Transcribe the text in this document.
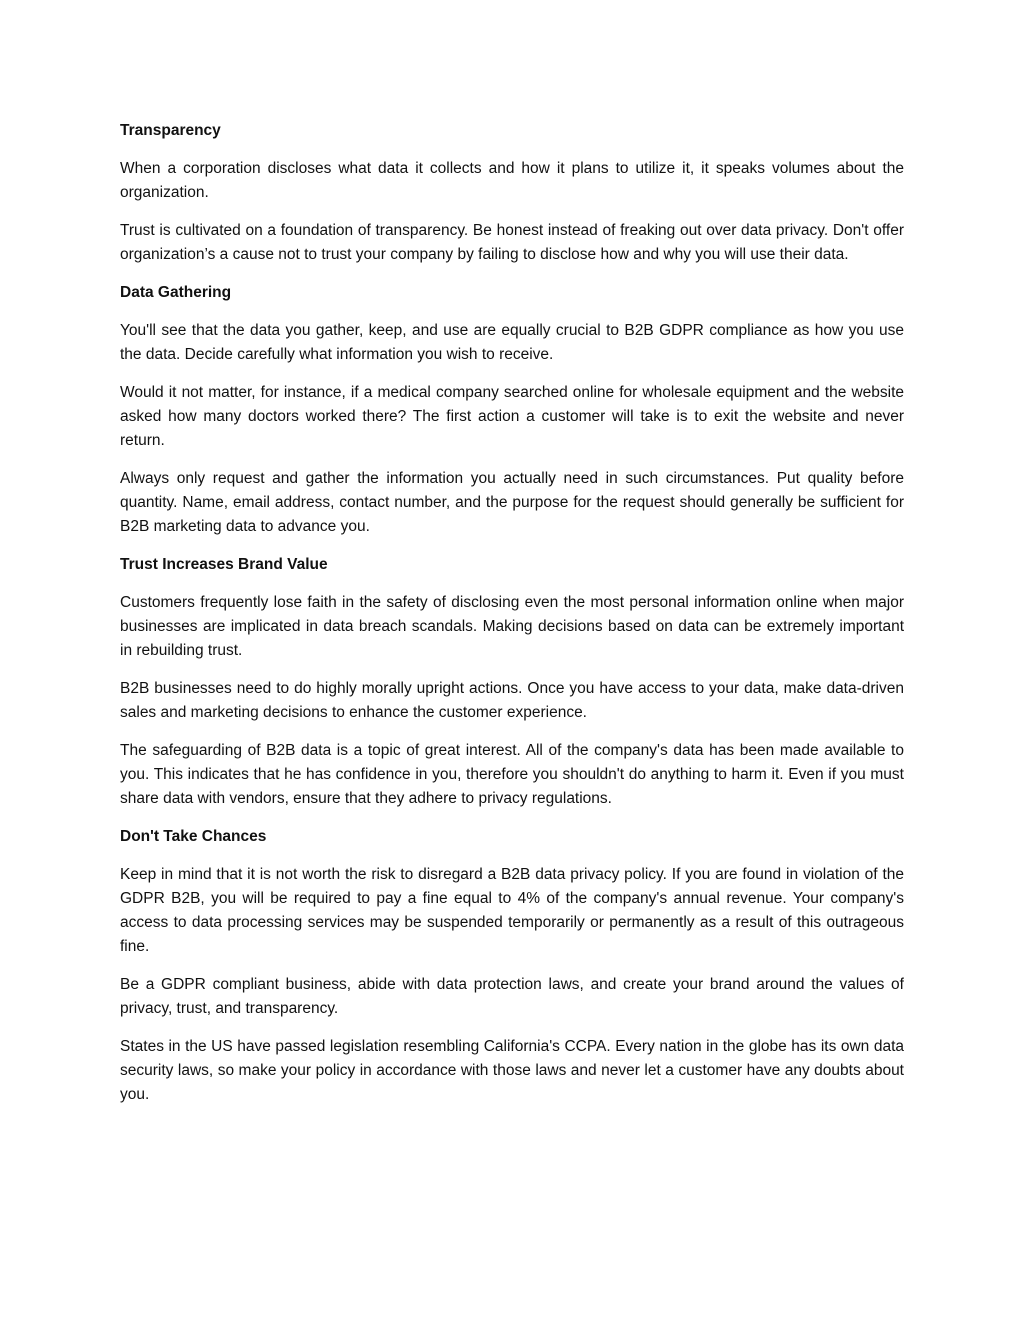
Transparency

When a corporation discloses what data it collects and how it plans to utilize it, it speaks volumes about the organization.

Trust is cultivated on a foundation of transparency. Be honest instead of freaking out over data privacy. Don't offer organization’s a cause not to trust your company by failing to disclose how and why you will use their data.

Data Gathering

You'll see that the data you gather, keep, and use are equally crucial to B2B GDPR compliance as how you use the data. Decide carefully what information you wish to receive.

Would it not matter, for instance, if a medical company searched online for wholesale equipment and the website asked how many doctors worked there? The first action a customer will take is to exit the website and never return.

Always only request and gather the information you actually need in such circumstances. Put quality before quantity. Name, email address, contact number, and the purpose for the request should generally be sufficient for B2B marketing data to advance you.

Trust Increases Brand Value

Customers frequently lose faith in the safety of disclosing even the most personal information online when major businesses are implicated in data breach scandals. Making decisions based on data can be extremely important in rebuilding trust.

B2B businesses need to do highly morally upright actions. Once you have access to your data, make data-driven sales and marketing decisions to enhance the customer experience.

The safeguarding of B2B data is a topic of great interest. All of the company's data has been made available to you. This indicates that he has confidence in you, therefore you shouldn't do anything to harm it. Even if you must share data with vendors, ensure that they adhere to privacy regulations.

Don't Take Chances

Keep in mind that it is not worth the risk to disregard a B2B data privacy policy. If you are found in violation of the GDPR B2B, you will be required to pay a fine equal to 4% of the company's annual revenue. Your company's access to data processing services may be suspended temporarily or permanently as a result of this outrageous fine.

Be a GDPR compliant business, abide with data protection laws, and create your brand around the values of privacy, trust, and transparency.

States in the US have passed legislation resembling California's CCPA. Every nation in the globe has its own data security laws, so make your policy in accordance with those laws and never let a customer have any doubts about you.
